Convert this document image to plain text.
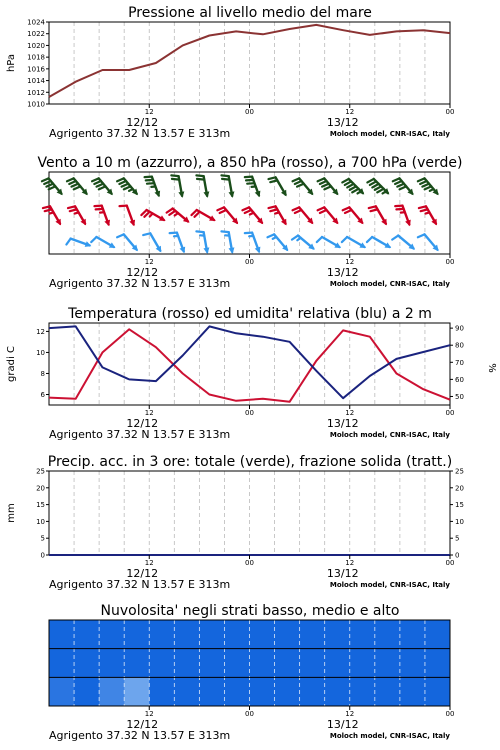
1010
1012
1014
1016
1018
1020
1022
1024
hPa
Pressione al livello medio del mare
12	00	12	00
12/12	13/12
Agrigento 37.32 N 13.57 E 313m	Moloch model, CNR-ISAC, Italy
Vento a 10 m (azzurro), a 850 hPa (rosso), a 700 hPa (verde)
12	00	12	00
12/12	13/12
Agrigento 37.32 N 13.57 E 313m	Moloch model, CNR-ISAC, Italy
6
8
10
12
50
60
70
80
90
gradi C	%
Temperatura (rosso) ed umidita' relativa (blu) a 2 m
12	00	12	00
12/12	13/12
Agrigento 37.32 N 13.57 E 313m	Moloch model, CNR-ISAC, Italy
0
5
10
15
20
25
0
5
10
15
20
25
mm
Precip. acc. in 3 ore: totale (verde), frazione solida (tratt.)
12	00	12	00
12/12	13/12
Agrigento 37.32 N 13.57 E 313m	Moloch model, CNR-ISAC, Italy
Nuvolosita' negli strati basso, medio e alto
12	00	12	00
12/12	13/12
Agrigento 37.32 N 13.57 E 313m	Moloch model, CNR-ISAC, Italy
